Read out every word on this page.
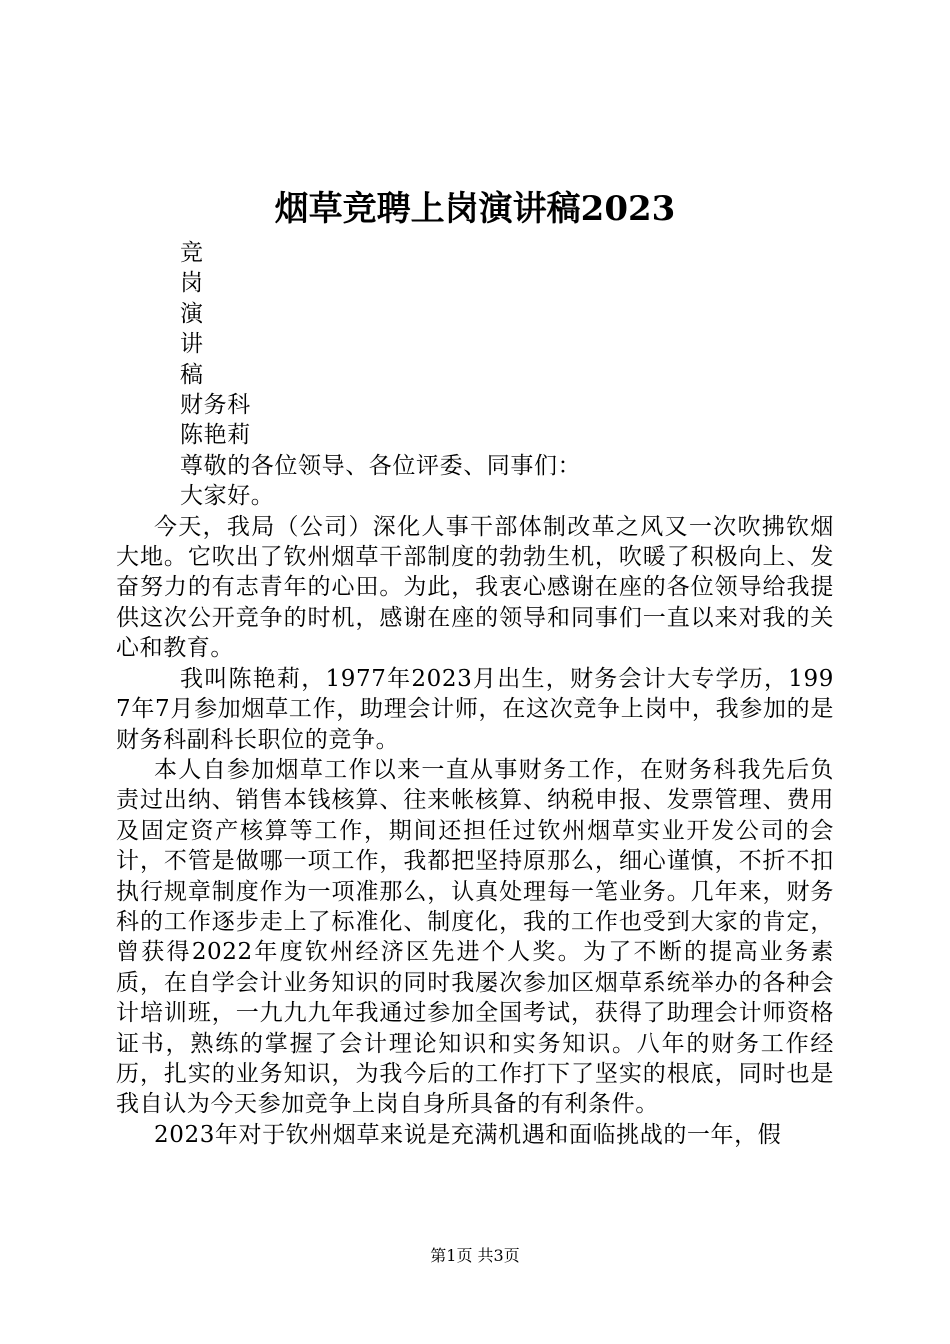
烟草竞聘上岗演讲稿2023

竞

岗

演

讲

稿

财务科

陈艳莉

尊敬的各位领导、各位评委、同事们：

大家好。

今天，我局（公司）深化人事干部体制改革之风又一次吹拂钦烟大地。它吹出了钦州烟草干部制度的勃勃生机，吹暖了积极向上、发奋努力的有志青年的心田。为此，我衷心感谢在座的各位领导给我提供这次公开竞争的时机，感谢在座的领导和同事们一直以来对我的关心和教育。

我叫陈艳莉，1977年2023月出生，财务会计大专学历，1997年7月参加烟草工作，助理会计师，在这次竞争上岗中，我参加的是财务科副科长职位的竞争。

本人自参加烟草工作以来一直从事财务工作，在财务科我先后负责过出纳、销售本钱核算、往来帐核算、纳税申报、发票管理、费用及固定资产核算等工作，期间还担任过钦州烟草实业开发公司的会计，不管是做哪一项工作，我都把坚持原那么，细心谨慎，不折不扣执行规章制度作为一项准那么，认真处理每一笔业务。几年来，财务科的工作逐步走上了标准化、制度化，我的工作也受到大家的肯定，曾获得2022年度钦州经济区先进个人奖。为了不断的提高业务素质，在自学会计业务知识的同时我屡次参加区烟草系统举办的各种会计培训班，一九九九年我通过参加全国考试，获得了助理会计师资格证书，熟练的掌握了会计理论知识和实务知识。八年的财务工作经历，扎实的业务知识，为我今后的工作打下了坚实的根底，同时也是我自认为今天参加竞争上岗自身所具备的有利条件。

2023年对于钦州烟草来说是充满机遇和面临挑战的一年，假

第1页 共3页
